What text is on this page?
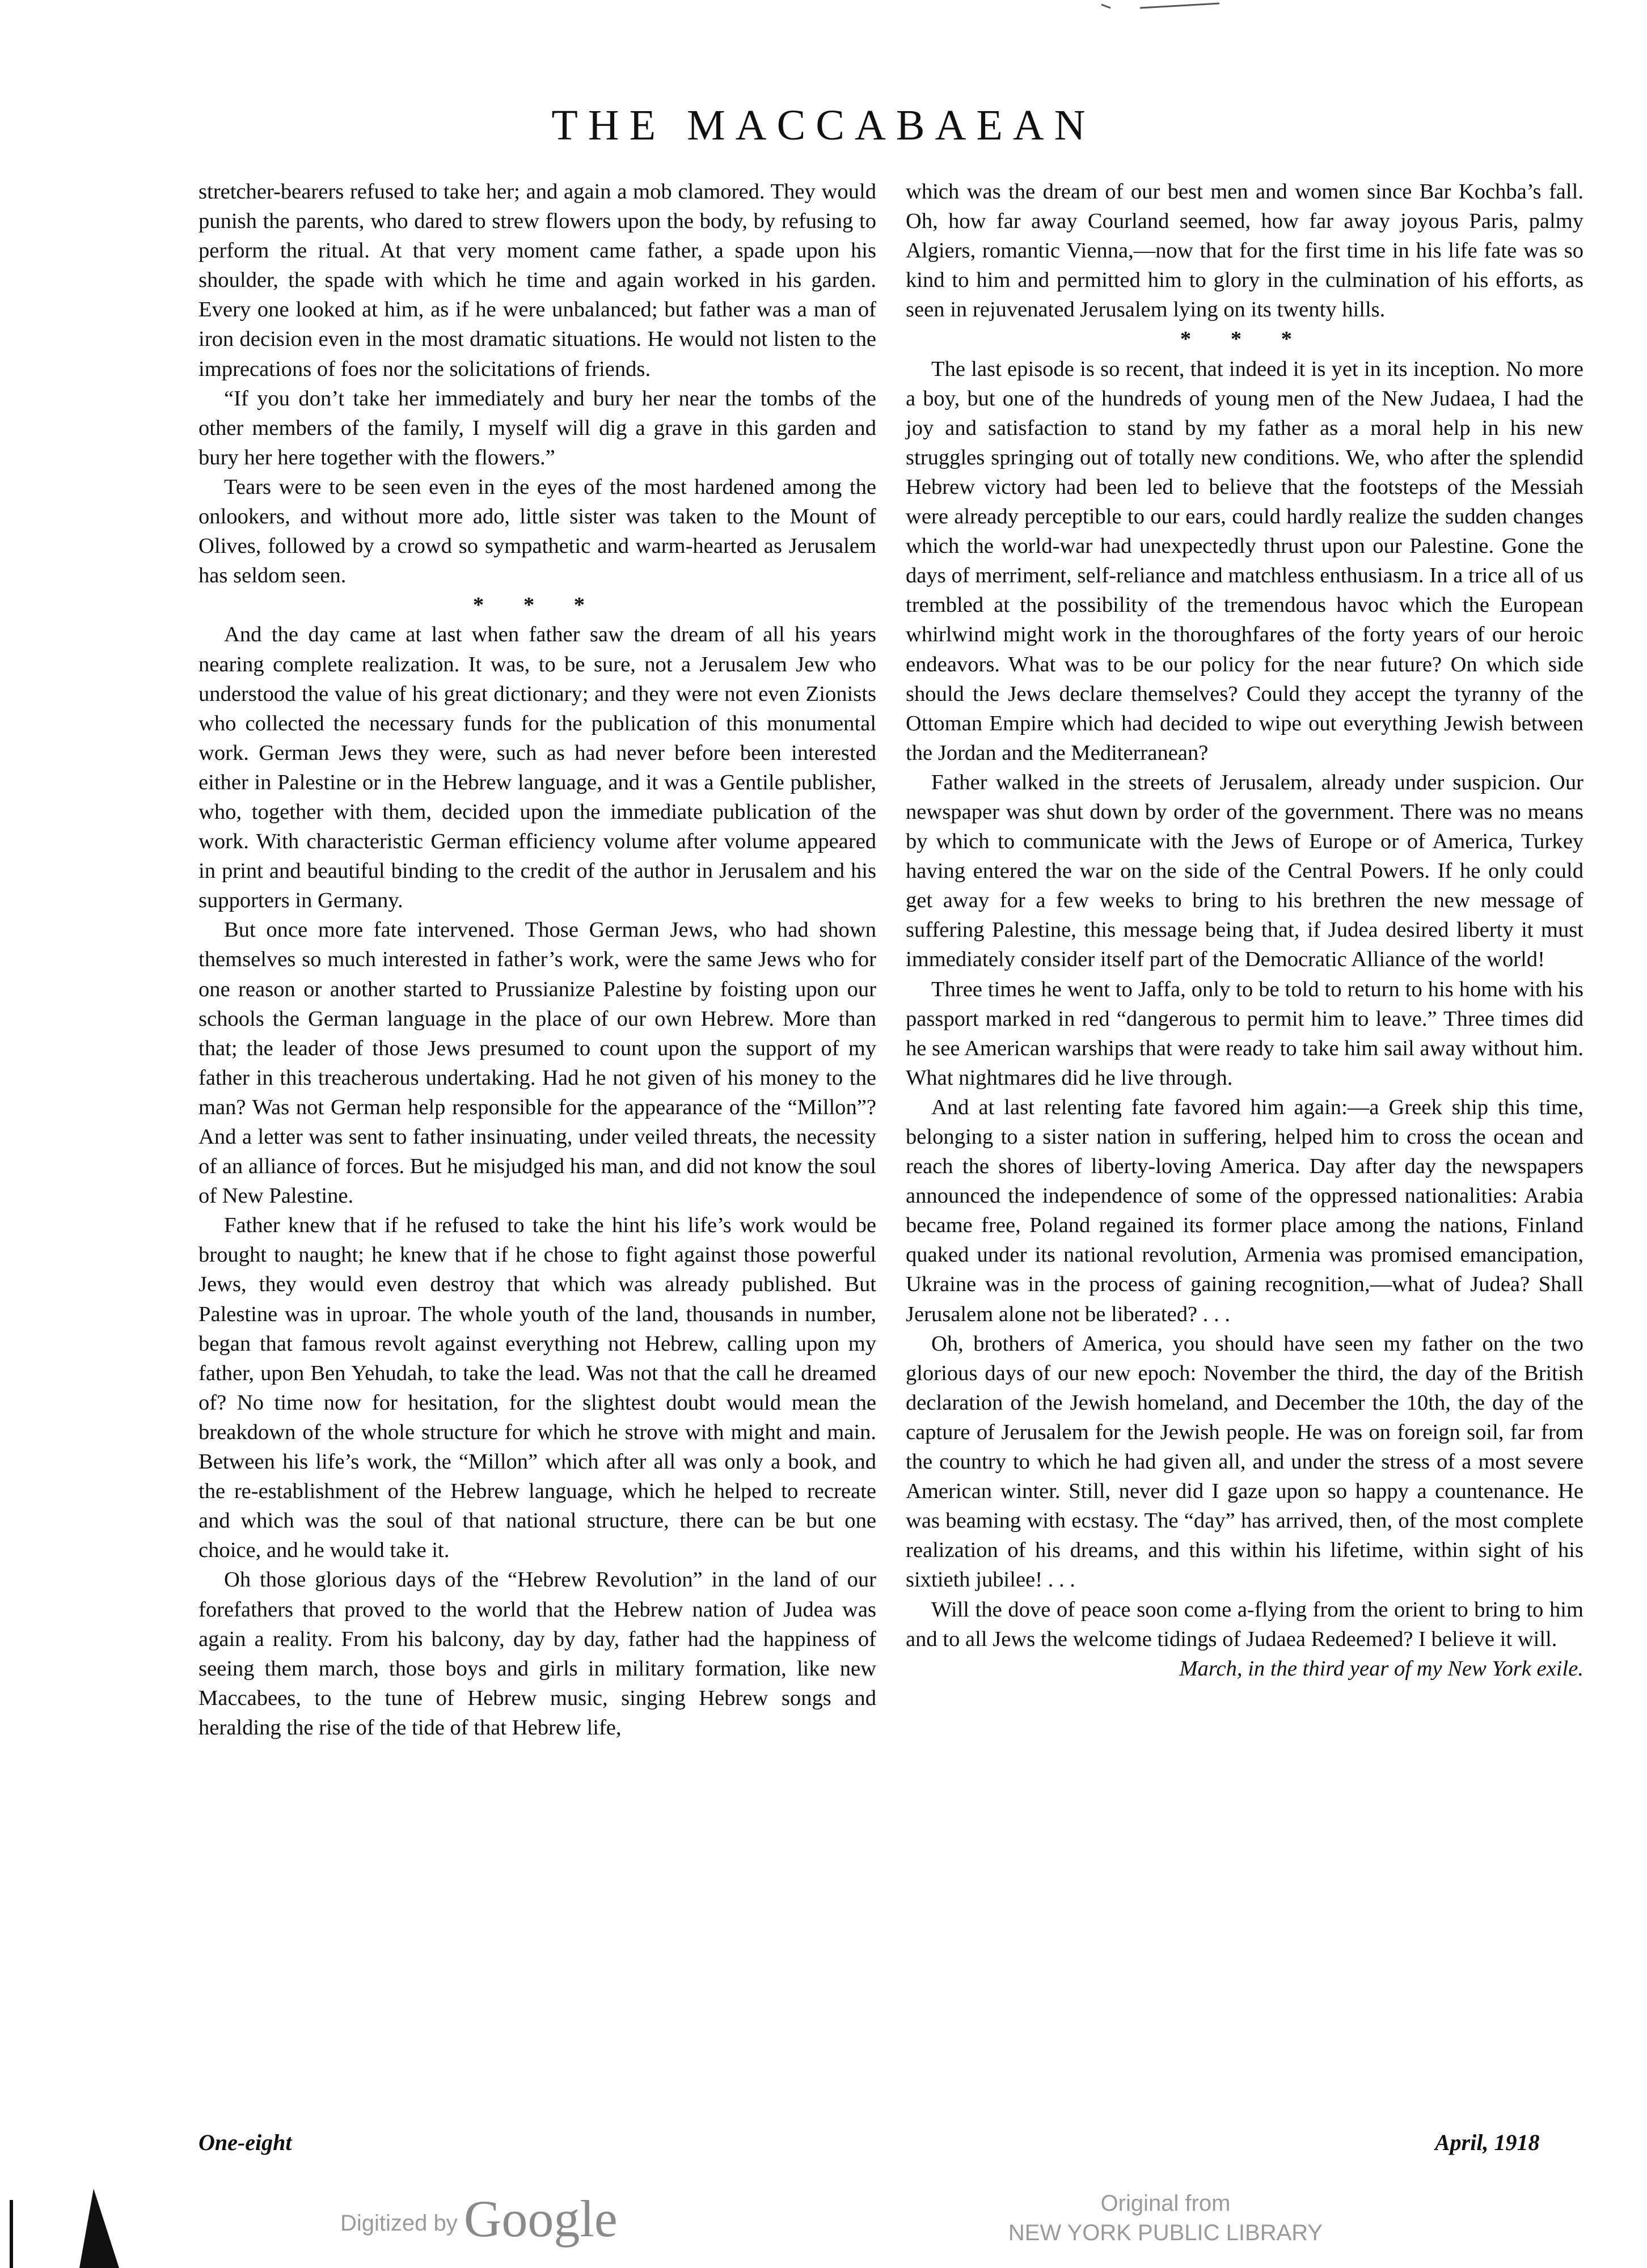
THE MACCABAEAN

stretcher-bearers refused to take her; and again a mob clamored. They would punish the parents, who dared to strew flowers upon the body, by refusing to perform the ritual. At that very moment came father, a spade upon his shoulder, the spade with which he time and again worked in his garden. Every one looked at him, as if he were unbalanced; but father was a man of iron decision even in the most dramatic situations. He would not listen to the imprecations of foes nor the solicitations of friends.

“If you don’t take her immediately and bury her near the tombs of the other members of the family, I myself will dig a grave in this garden and bury her here together with the flowers.”

Tears were to be seen even in the eyes of the most hardened among the onlookers, and without more ado, little sister was taken to the Mount of Olives, followed by a crowd so sympathetic and warm-hearted as Jerusalem has seldom seen.

* * *

And the day came at last when father saw the dream of all his years nearing complete realization. It was, to be sure, not a Jerusalem Jew who understood the value of his great dictionary; and they were not even Zionists who collected the necessary funds for the publication of this monumental work. German Jews they were, such as had never before been interested either in Palestine or in the Hebrew language, and it was a Gentile publisher, who, together with them, decided upon the immediate publication of the work. With characteristic German efficiency volume after volume appeared in print and beautiful binding to the credit of the author in Jerusalem and his supporters in Germany.

But once more fate intervened. Those German Jews, who had shown themselves so much interested in father’s work, were the same Jews who for one reason or another started to Prussianize Palestine by foisting upon our schools the German language in the place of our own Hebrew. More than that; the leader of those Jews presumed to count upon the support of my father in this treacherous undertaking. Had he not given of his money to the man? Was not German help responsible for the appearance of the “Millon”? And a letter was sent to father insinuating, under veiled threats, the necessity of an alliance of forces. But he misjudged his man, and did not know the soul of New Palestine.

Father knew that if he refused to take the hint his life’s work would be brought to naught; he knew that if he chose to fight against those powerful Jews, they would even destroy that which was already published. But Palestine was in uproar. The whole youth of the land, thousands in number, began that famous revolt against everything not Hebrew, calling upon my father, upon Ben Yehudah, to take the lead. Was not that the call he dreamed of? No time now for hesitation, for the slightest doubt would mean the breakdown of the whole structure for which he strove with might and main. Between his life’s work, the “Millon” which after all was only a book, and the re-establishment of the Hebrew language, which he helped to recreate and which was the soul of that national structure, there can be but one choice, and he would take it.

Oh those glorious days of the “Hebrew Revolution” in the land of our forefathers that proved to the world that the Hebrew nation of Judea was again a reality. From his balcony, day by day, father had the happiness of seeing them march, those boys and girls in military formation, like new Maccabees, to the tune of Hebrew music, singing Hebrew songs and heralding the rise of the tide of that Hebrew life,

which was the dream of our best men and women since Bar Kochba’s fall. Oh, how far away Courland seemed, how far away joyous Paris, palmy Algiers, romantic Vienna,—now that for the first time in his life fate was so kind to him and permitted him to glory in the culmination of his efforts, as seen in rejuvenated Jerusalem lying on its twenty hills.

* * *

The last episode is so recent, that indeed it is yet in its inception. No more a boy, but one of the hundreds of young men of the New Judaea, I had the joy and satisfaction to stand by my father as a moral help in his new struggles springing out of totally new conditions. We, who after the splendid Hebrew victory had been led to believe that the footsteps of the Messiah were already perceptible to our ears, could hardly realize the sudden changes which the world-war had unexpectedly thrust upon our Palestine. Gone the days of merriment, self-reliance and matchless enthusiasm. In a trice all of us trembled at the possibility of the tremendous havoc which the European whirlwind might work in the thoroughfares of the forty years of our heroic endeavors. What was to be our policy for the near future? On which side should the Jews declare themselves? Could they accept the tyranny of the Ottoman Empire which had decided to wipe out everything Jewish between the Jordan and the Mediterranean?

Father walked in the streets of Jerusalem, already under suspicion. Our newspaper was shut down by order of the government. There was no means by which to communicate with the Jews of Europe or of America, Turkey having entered the war on the side of the Central Powers. If he only could get away for a few weeks to bring to his brethren the new message of suffering Palestine, this message being that, if Judea desired liberty it must immediately consider itself part of the Democratic Alliance of the world!

Three times he went to Jaffa, only to be told to return to his home with his passport marked in red “dangerous to permit him to leave.” Three times did he see American warships that were ready to take him sail away without him. What nightmares did he live through.

And at last relenting fate favored him again:—a Greek ship this time, belonging to a sister nation in suffering, helped him to cross the ocean and reach the shores of liberty-loving America. Day after day the newspapers announced the independence of some of the oppressed nationalities: Arabia became free, Poland regained its former place among the nations, Finland quaked under its national revolution, Armenia was promised emancipation, Ukraine was in the process of gaining recognition,—what of Judea? Shall Jerusalem alone not be liberated? . . .

Oh, brothers of America, you should have seen my father on the two glorious days of our new epoch: November the third, the day of the British declaration of the Jewish homeland, and December the 10th, the day of the capture of Jerusalem for the Jewish people. He was on foreign soil, far from the country to which he had given all, and under the stress of a most severe American winter. Still, never did I gaze upon so happy a countenance. He was beaming with ecstasy. The “day” has arrived, then, of the most complete realization of his dreams, and this within his lifetime, within sight of his sixtieth jubilee! . . .

Will the dove of peace soon come a-flying from the orient to bring to him and to all Jews the welcome tidings of Judaea Redeemed? I believe it will.

March, in the third year of my New York exile.

One-eight	April, 1918
Digitized by Google	Original from
NEW YORK PUBLIC LIBRARY
